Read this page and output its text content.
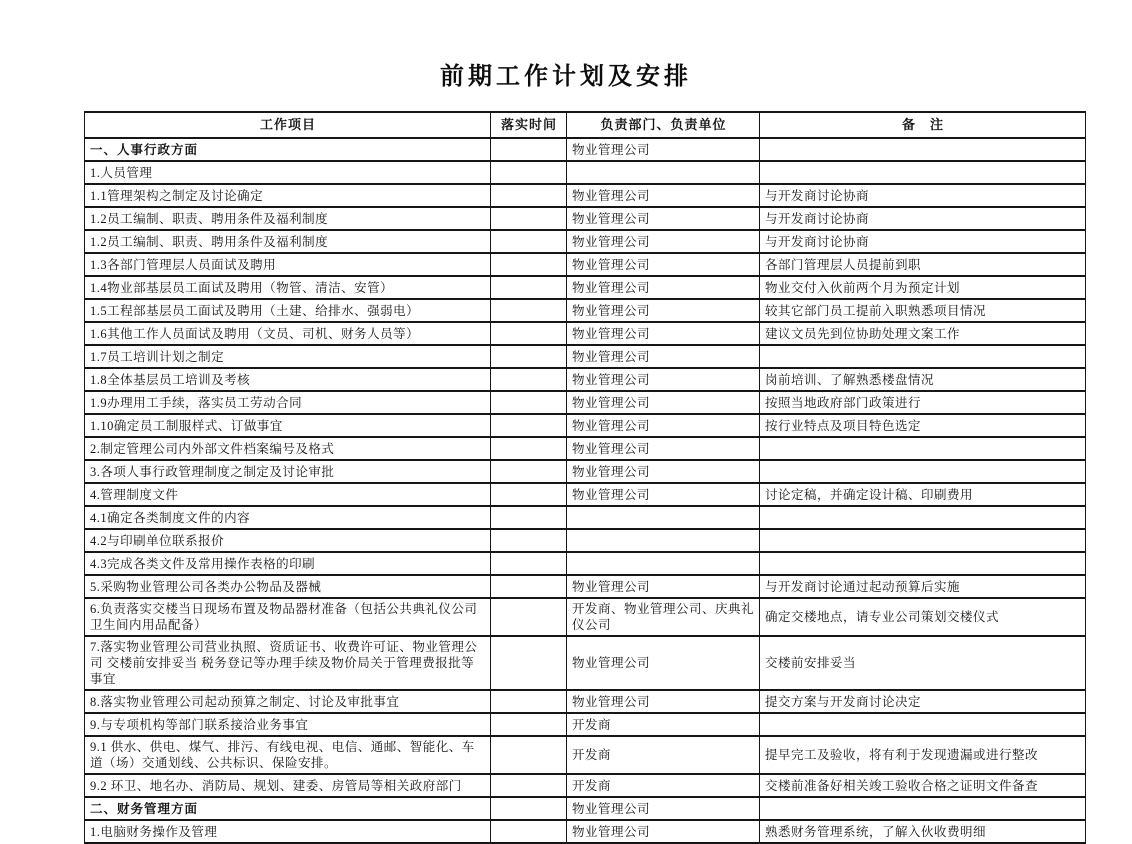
前期工作计划及安排
工作项目	落实时间	负责部门、负责单位	备　注
一、人事行政方面		物业管理公司	
1.人员管理			
1.1管理架构之制定及讨论确定		物业管理公司	与开发商讨论协商
1.2员工编制、职责、聘用条件及福利制度		物业管理公司	与开发商讨论协商
1.2员工编制、职责、聘用条件及福利制度		物业管理公司	与开发商讨论协商
1.3各部门管理层人员面试及聘用		物业管理公司	各部门管理层人员提前到职
1.4物业部基层员工面试及聘用（物管、清洁、安管）		物业管理公司	物业交付入伙前两个月为预定计划
1.5工程部基层员工面试及聘用（土建、给排水、强弱电）		物业管理公司	较其它部门员工提前入职熟悉项目情况
1.6其他工作人员面试及聘用（文员、司机、财务人员等）		物业管理公司	建议文员先到位协助处理文案工作
1.7员工培训计划之制定		物业管理公司	
1.8全体基层员工培训及考核		物业管理公司	岗前培训、了解熟悉楼盘情况
1.9办理用工手续，落实员工劳动合同		物业管理公司	按照当地政府部门政策进行
1.10确定员工制服样式、订做事宜		物业管理公司	按行业特点及项目特色选定
2.制定管理公司内外部文件档案编号及格式		物业管理公司	
3.各项人事行政管理制度之制定及讨论审批		物业管理公司	
4.管理制度文件		物业管理公司	讨论定稿，并确定设计稿、印刷费用
4.1确定各类制度文件的内容			
4.2与印刷单位联系报价			
4.3完成各类文件及常用操作表格的印刷			
5.采购物业管理公司各类办公物品及器械		物业管理公司	与开发商讨论通过起动预算后实施
6.负责落实交楼当日现场布置及物品器材准备（包括公共典礼仪公司卫生间内用品配备）		开发商、物业管理公司、庆典礼仪公司	确定交楼地点，请专业公司策划交楼仪式
7.落实物业管理公司营业执照、资质证书、收费许可证、物业管理公司 交楼前安排妥当 税务登记等办理手续及物价局关于管理费报批等事宜		物业管理公司	交楼前安排妥当
8.落实物业管理公司起动预算之制定、讨论及审批事宜		物业管理公司	提交方案与开发商讨论决定
9.与专项机构等部门联系接洽业务事宜		开发商	
9.1 供水、供电、煤气、排污、有线电视、电信、通邮、智能化、车道（场）交通划线、公共标识、保险安排。		开发商	提早完工及验收，将有利于发现遗漏或进行整改
9.2 环卫、地名办、消防局、规划、建委、房管局等相关政府部门		开发商	交楼前准备好相关竣工验收合格之证明文件备查
二、财务管理方面		物业管理公司	
1.电脑财务操作及管理		物业管理公司	熟悉财务管理系统，了解入伙收费明细
